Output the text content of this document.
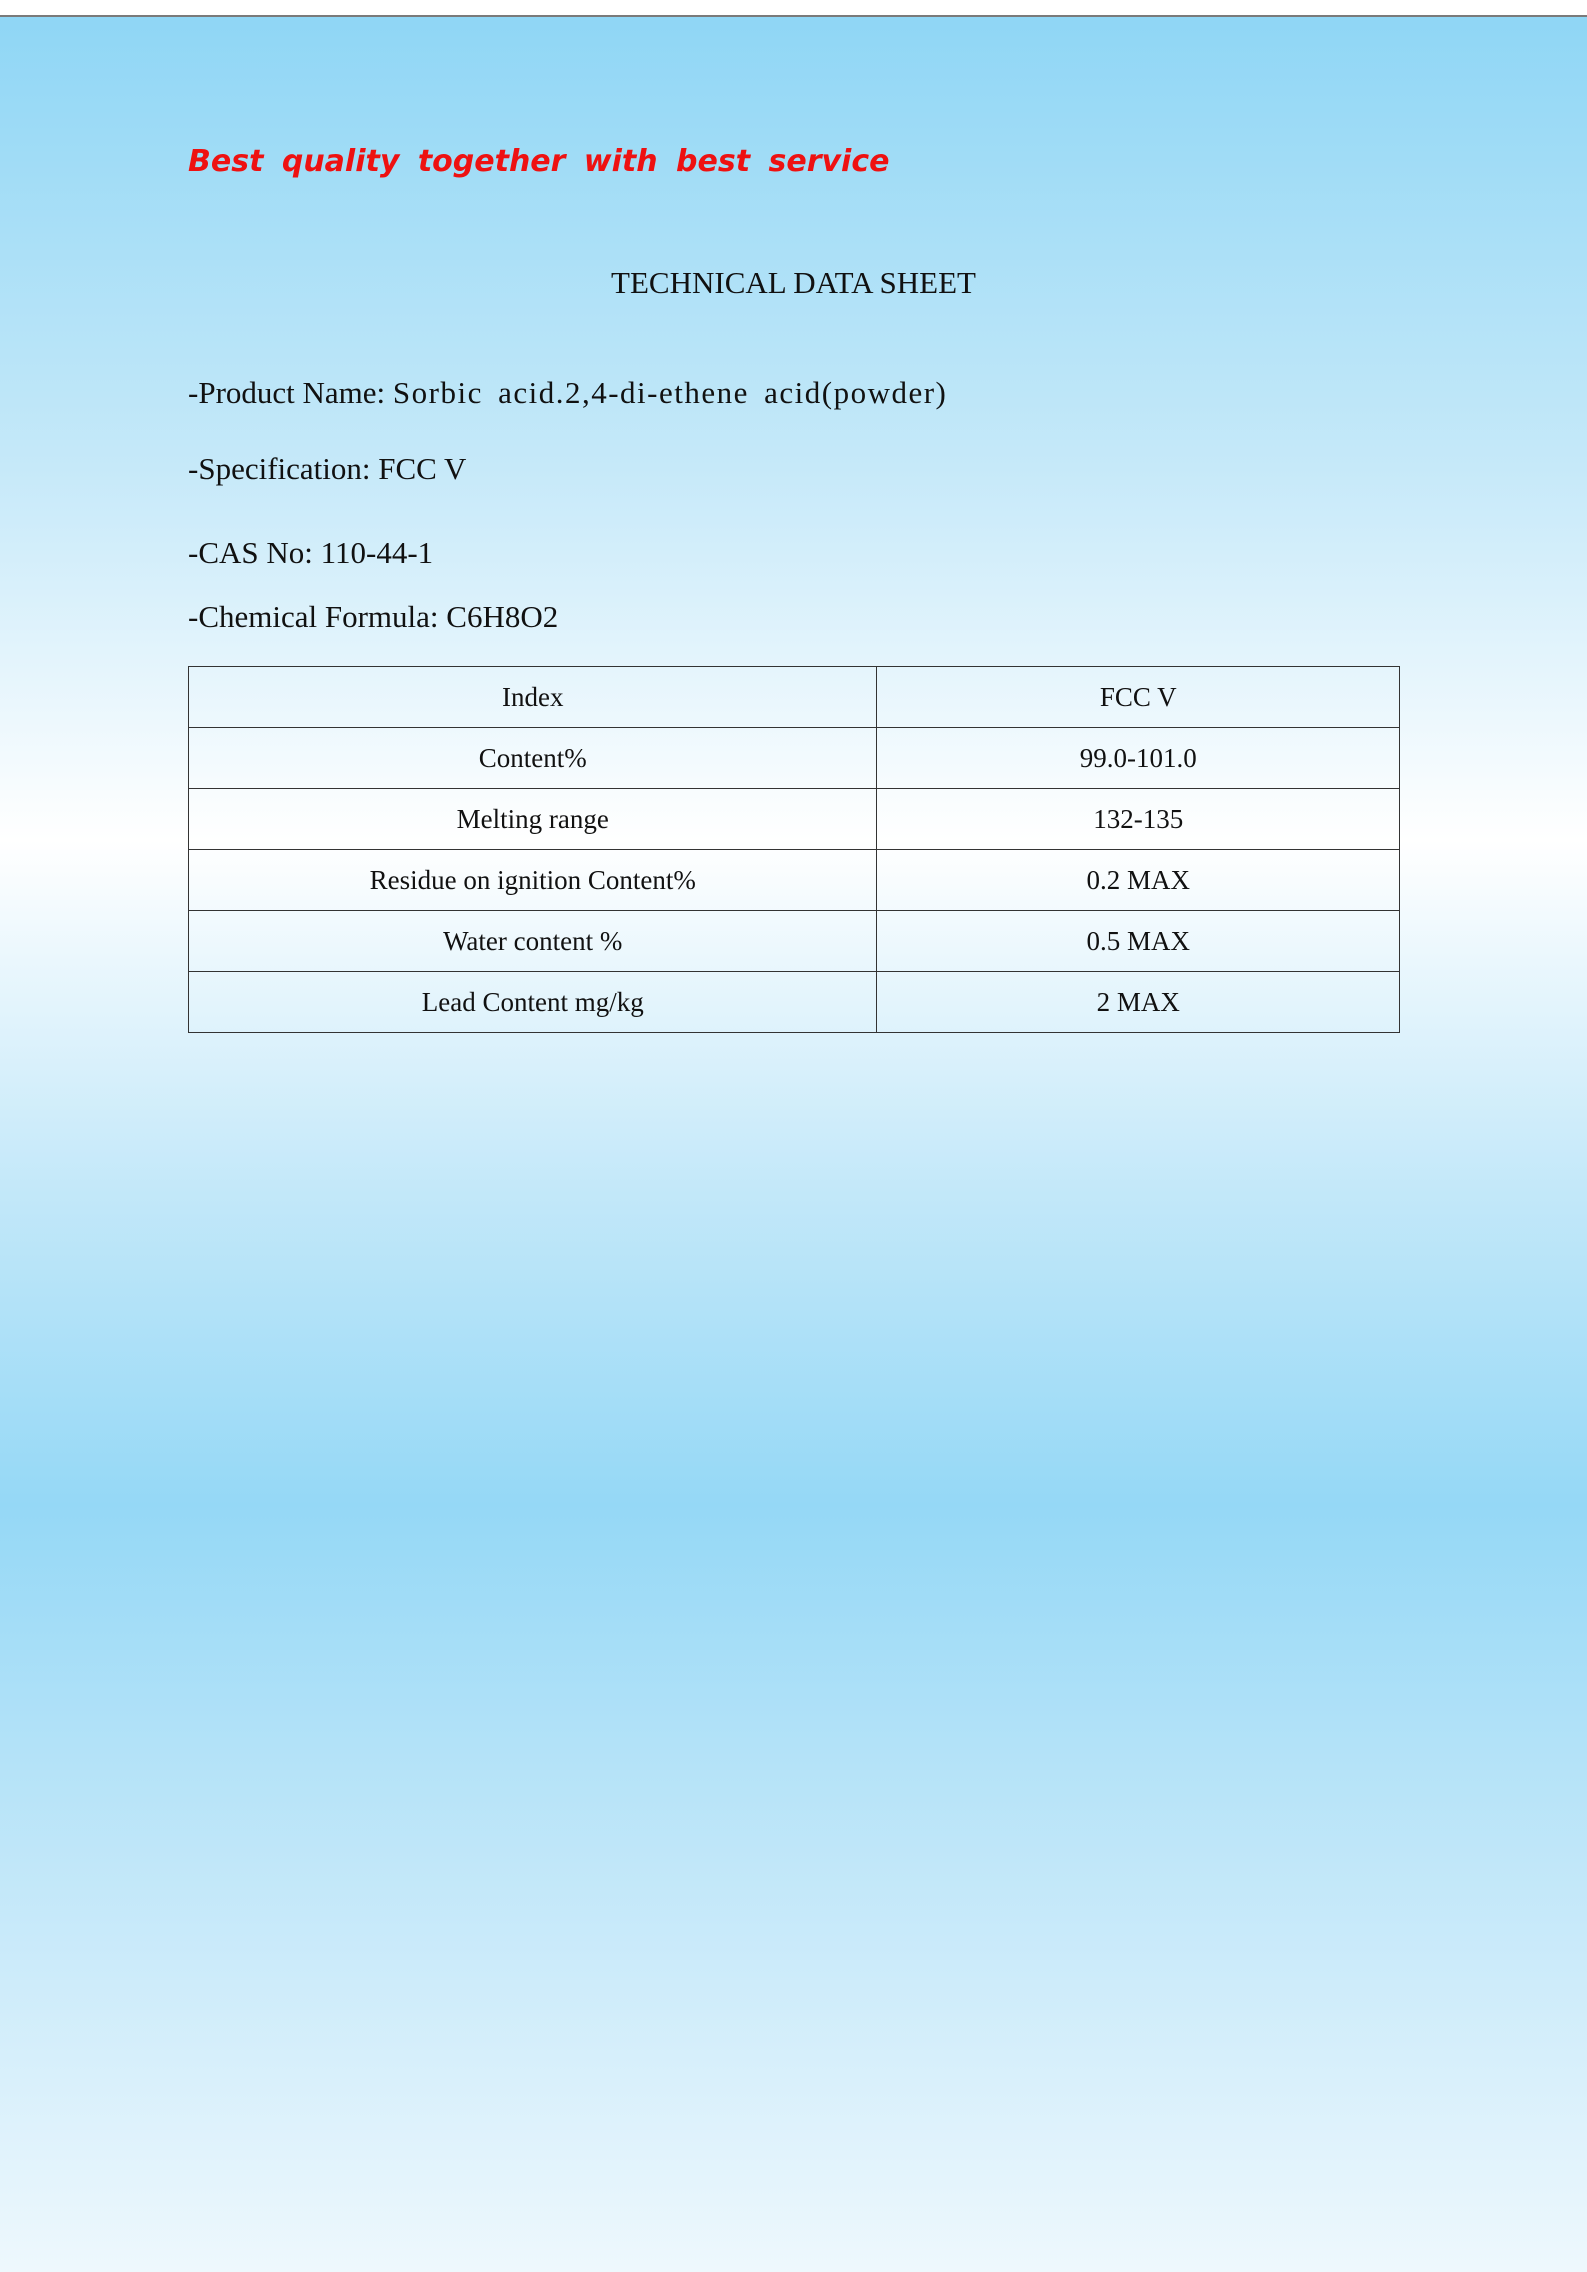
Best quality together with best service

TECHNICAL DATA SHEET

-Product Name: Sorbic acid.2,4-di-ethene acid(powder)

-Specification: FCC V

-CAS No: 110-44-1

-Chemical Formula: C6H8O2

Index	FCC V
Content%	99.0-101.0
Melting range	132-135
Residue on ignition Content%	0.2 MAX
Water content %	0.5 MAX
Lead Content mg/kg	2 MAX
